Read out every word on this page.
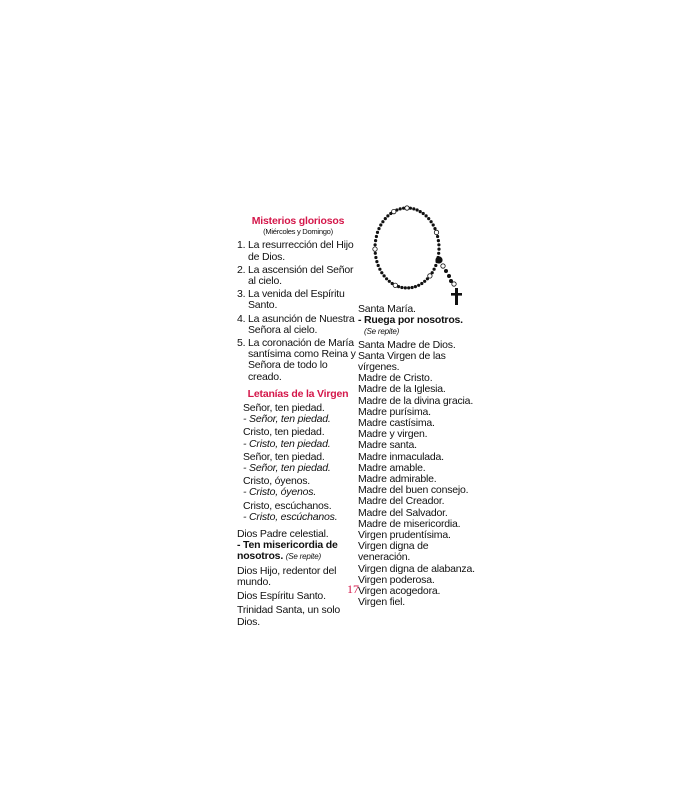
Misterios gloriosos
(Miércoles y Domingo)
1. La resurrección del Hijo de Dios.
2. La ascensión del Señor al cielo.
3. La venida del Espíritu Santo.
4. La asunción de Nuestra Señora al cielo.
5. La coronación de María santísima como Reina y Señora de todo lo creado.
Letanías de la Virgen
Señor, ten piedad.
- Señor, ten piedad.
Cristo, ten piedad.
- Cristo, ten piedad.
Señor, ten piedad.
- Señor, ten piedad.
Cristo, óyenos.
- Cristo, óyenos.
Cristo, escúchanos.
- Cristo, escúchanos.
Dios Padre celestial.
- Ten misericordia de nosotros. (Se repite)
Dios Hijo, redentor del mundo.
Dios Espíritu Santo.
Trinidad Santa, un solo Dios.
Santa María.
- Ruega por nosotros.
(Se repite)
Santa Madre de Dios.
Santa Virgen de las vírgenes.
Madre de Cristo.
Madre de la Iglesia.
Madre de la divina gracia.
Madre purísima.
Madre castísima.
Madre y virgen.
Madre santa.
Madre inmaculada.
Madre amable.
Madre admirable.
Madre del buen consejo.
Madre del Creador.
Madre del Salvador.
Madre de misericordia.
Virgen prudentísima.
Virgen digna de veneración.
Virgen digna de alabanza.
Virgen poderosa.
Virgen acogedora.
Virgen fiel.
17
